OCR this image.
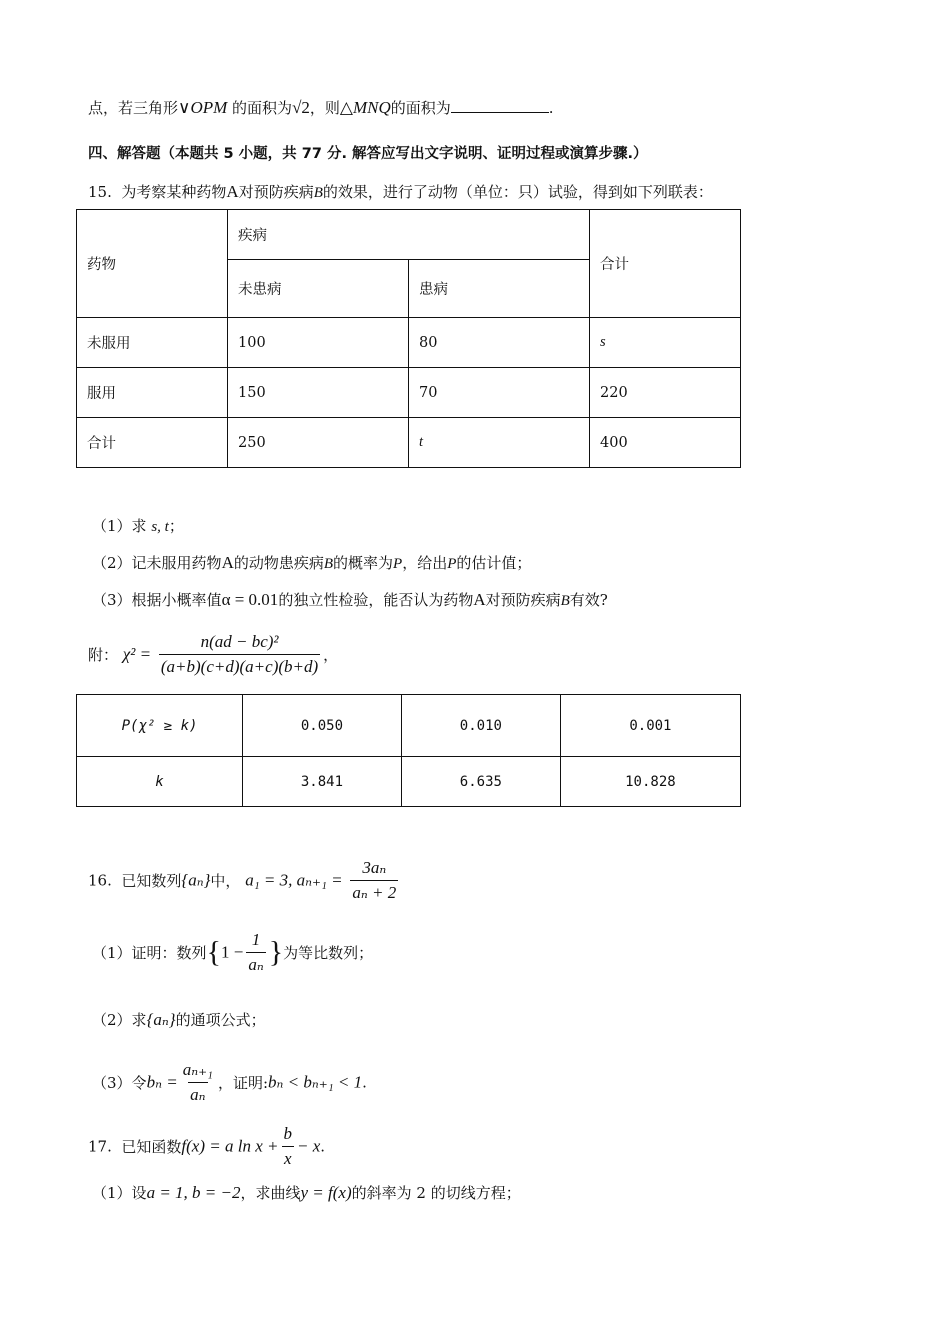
点，若三角形∨OPM 的面积为√2，则△MNQ的面积为	.
四、解答题（本题共 5 小题，共 77 分. 解答应写出文字说明、证明过程或演算步骤.）
15. 为考察某种药物A对预防疾病B的效果，进行了动物（单位：只）试验，得到如下列联表：
药物	疾病		合计
	未患病	患病	
未服用	100	80	s
服用	150	70	220
合计	250	t	400
（1）求 s, t；
（2）记未服用药物A的动物患疾病B的概率为P，给出P的估计值；
（3）根据小概率值α = 0.01的独立性检验，能否认为药物A对预防疾病B有效?
附： $\chi^2 = \frac{\text{n(ad − bc)²}}{(a+b)(c+d)(a+c)(b+d)}$ ，
P(χ² ≥ k)	0.050	0.010	0.001
k	3.841	6.635	10.828
16. 已知数列{aₙ}中， a₁ = 3, $a_{n+1} = \frac{\text{3aₙ}}{\text{aₙ + 2}}$
（1）证明：数列{$1 - \frac{1}{\text{aₙ}}$ }为等比数列；
（2）求{aₙ}的通项公式；
（3）令$b_n = \frac{\text{aₙ₊₁}}{\text{aₙ}}$ ，证明:bₙ < bₙ₊₁ < 1.
17. 已知函数f(x) = a $\ln x + \frac{b}{x} - x$.
（1）设a = 1, b = −2，求曲线y = f(x)的斜率为 2 的切线方程；
